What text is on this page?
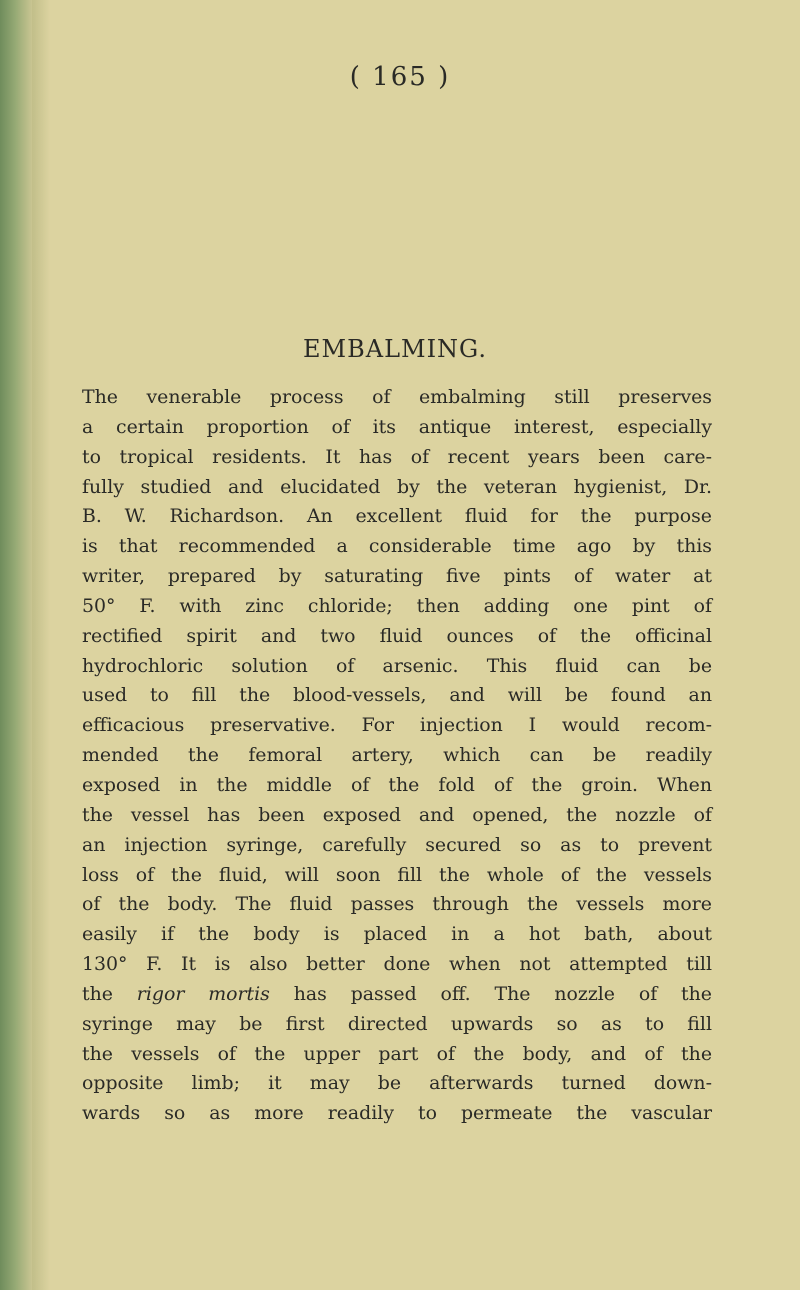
( 165 )
EMBALMING.
The venerable process of embalming still preserves
a certain proportion of its antique interest, especially
to tropical residents. It has of recent years been care-
fully studied and elucidated by the veteran hygienist, Dr.
B. W. Richardson. An excellent fluid for the purpose
is that recommended a considerable time ago by this
writer, prepared by saturating five pints of water at
50° F. with zinc chloride; then adding one pint of
rectified spirit and two fluid ounces of the officinal
hydrochloric solution of arsenic. This fluid can be
used to fill the blood-vessels, and will be found an
efficacious preservative. For injection I would recom-
mended the femoral artery, which can be readily
exposed in the middle of the fold of the groin. When
the vessel has been exposed and opened, the nozzle of
an injection syringe, carefully secured so as to prevent
loss of the fluid, will soon fill the whole of the vessels
of the body. The fluid passes through the vessels more
easily if the body is placed in a hot bath, about
130° F. It is also better done when not attempted till
the rigor mortis has passed off. The nozzle of the
syringe may be first directed upwards so as to fill
the vessels of the upper part of the body, and of the
opposite limb; it may be afterwards turned down-
wards so as more readily to permeate the vascular
